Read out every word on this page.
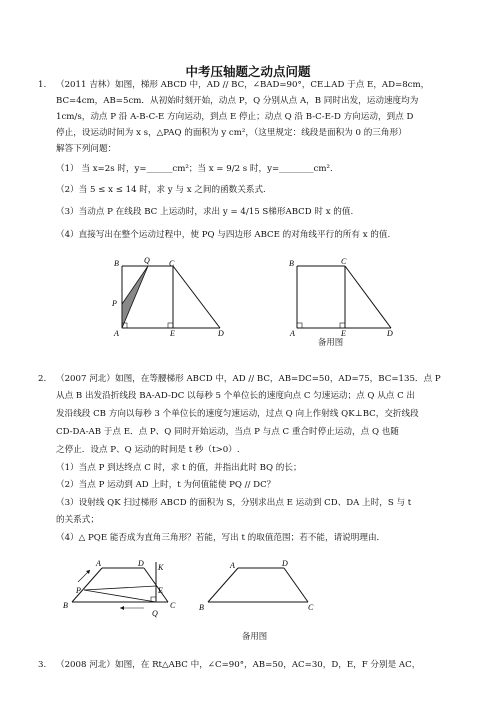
中考压轴题之动点问题
1. （2011 吉林）如图，梯形 ABCD 中，AD // BC，∠BAD=90°，CE⊥AD 于点 E，AD=8cm，
BC=4cm，AB=5cm．从初始时刻开始，动点 P，Q 分别从点 A，B 同时出发，运动速度均为
1cm/s，动点 P 沿 A-B-C-E 方向运动，到点 E 停止；动点 Q 沿 B-C-E-D 方向运动，到点 D
停止，设运动时间为 x s，△PAQ 的面积为 y cm²，（这里规定：线段是面积为 0 的三角形）
解答下列问题：
（1） 当 x=2s 时，y=______cm²；当 x = 9/2 s 时，y=________cm².
（2）当 5 ≤ x ≤ 14 时，求 y 与 x 之间的函数关系式.
（3）当动点 P 在线段 BC 上运动时，求出 y = 4/15 S梯形ABCD 时 x 的值.
（4）直接写出在整个运动过程中，使 PQ 与四边形 ABCE 的对角线平行的所有 x 的值.
B	Q C
P
A	E	D
B	C
A	E	D
备用图
2. （2007 河北）如图，在等腰梯形 ABCD 中，AD // BC，AB=DC=50，AD=75，BC=135．点 P
从点 B 出发沿折线段 BA-AD-DC 以每秒 5 个单位长的速度向点 C 匀速运动；点 Q 从点 C 出
发沿线段 CB 方向以每秒 3 个单位长的速度匀速运动，过点 Q 向上作射线 QK⊥BC，交折线段
CD-DA-AB 于点 E．点 P、Q 同时开始运动，当点 P 与点 C 重合时停止运动，点 Q 也随
之停止．设点 P、Q 运动的时间是 t 秒（t>0）.
（1）当点 P 到达终点 C 时，求 t 的值，并指出此时 BQ 的长；
（2）当点 P 运动到 AD 上时，t 为何值能使 PQ // DC？
（3）设射线 QK 扫过梯形 ABCD 的面积为 S，分别求出点 E 运动到 CD、DA 上时，S 与 t
的关系式；
（4）△ PQE 能否成为直角三角形？若能，写出 t 的取值范围；若不能，请说明理由．
A	D K
P	E
B	C
Q
A	D
B	C
备用图
3. （2008 河北）如图，在 Rt△ABC 中，∠C=90°，AB=50，AC=30，D，E，F 分别是 AC，
